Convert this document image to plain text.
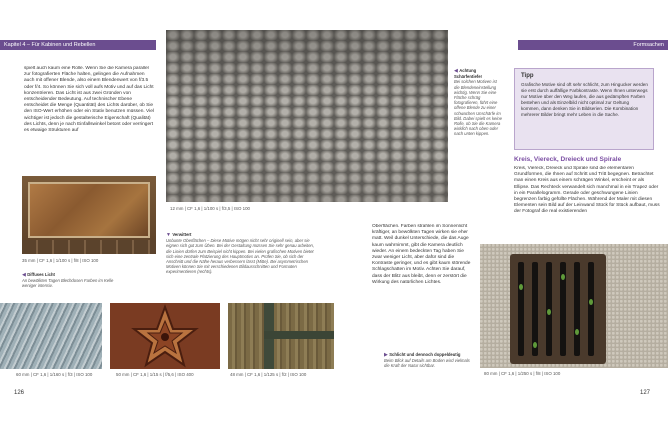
Kapitel 4 – Für Kabinen und Rebellen
spielt auch kaum eine Rolle. Wenn Sie die Kamera parallel zur fotografierten Fläche halten, gelingen die Aufnahmen auch mit offener Blende, also einem Blendenwert von f/3.5 oder f/4. So können Sie sich voll aufs Motiv und auf das Licht konzentrieren. Das Licht ist aus zwei Gründen von entscheidender Bedeutung. Auf technischer Ebene entscheidet die Menge (Quantität) des Lichts darüber, ob Sie den ISO-Wert erhöhen oder ein Stativ benutzen müssen. Viel wichtiger ist jedoch die gestalterische Eigenschaft (Qualität) des Lichts, denn je nach Einfallswinkel betont oder verringert es etwaige Strukturen auf
35 mm | CF 1,6 | 1/100 s | f/8 | ISO 100
◀ Diffuses Licht
An bewölkten Tagen Blechdosen Farben im Kelle weniger intensiv.
▼ Verwittert
Unbunte Oberflächen – Diese Motive mögen nicht sehr originell sein, aber sie eignen sich gut zum Üben. Bei der Gestaltung müssen Sie sehr genau arbeiten, die Linien dürfen zum Beispiel nicht kippen. Bei vielen grafischen Motiven bietet sich eine zentrale Platzierung des Hauptmotivs an. Prüfen Sie, ob sich der Anschnitt und die Nähe heraus verbessern lässt (Mitte). Bei asymmetrischen Motiven können Sie mit verschiedenen Bildausschnitten und Formaten experimentieren (rechts).
60 mm | CF 1,6 | 1/160 s | f/3 | ISO 100	50 mm | CF 1,6 | 1/15 s | f/5,6 | ISO 400	48 mm | CF 1,6 | 1/125 s | f/2 | ISO 100
126
12 mm | CF 1,6 | 1/100 s | f/3,5 | ISO 100
◀ Achtung Schärfentiefe!
Bei solchen Motiven ist die Blendeneinstellung wichtig. Wenn Sie eine Fläche schräg fotografieren, führt eine offene Blende zu einer schwachen Unschärfe im Bild. Dabei spielt es keine Rolle, ob Sie die Kamera wirklich nach oben oder nach unten kippen.
Formsachen
Tipp
Grafische Motive sind oft sehr schlicht, zum Hingucker werden sie erst durch auffällige Farbkontraste. Wenn Ihnen unterwegs nur Motive über den Weg laufen, die aus gedämpften Farben bestehen und als Einzelbild nicht optimal zur Geltung kommen, dann denken Sie in Bildserien. Die Kombination mehrerer Bilder bringt mehr Leben in die Sache.
Kreis, Viereck, Dreieck und Spirale
Kreis, Viereck, Dreieck und Spirale sind die elementaren Grundformen, die Ihnen auf Schritt und Tritt begegnen. Betrachtet man einen Kreis aus einem schrägen Winkel, erscheint er als Ellipse. Das Rechteck verwandelt sich manchmal in ein Trapez oder in ein Parallelogramm. Gerade oder geschwungene Linien begrenzen farbig gefüllte Flächen. Während der Maler mit diesen Elementen sein Bild auf der Leinwand Stück für Stück aufbaut, muss der Fotograf die real existierenden
Oberflächen. Farben strahlen im Sonnenlicht kräftiger, an bewölkten Tagen wirken sie eher matt. Weil dunkel Unterschiede, die das Auge kaum wahrnimmt, gibt die Kamera deutlich wieder. An einem bedeckten Tag haben Sie zwar weniger Licht, aber dafür sind die Kontraste geringer, und es gibt kaum störende Schlagschatten im Motiv. Achten Sie darauf, dass der Blitz aus bleibt, denn er zerstört die Wirkung des natürlichen Lichtes.
80 mm | CF 1,6 | 1/250 s | f/8 | ISO 100
▶ Schlicht und dennoch doppeldeutig
Beim Blick auf Details am Boden wird vielmals die Kraft der Natur sichtbar.
127
